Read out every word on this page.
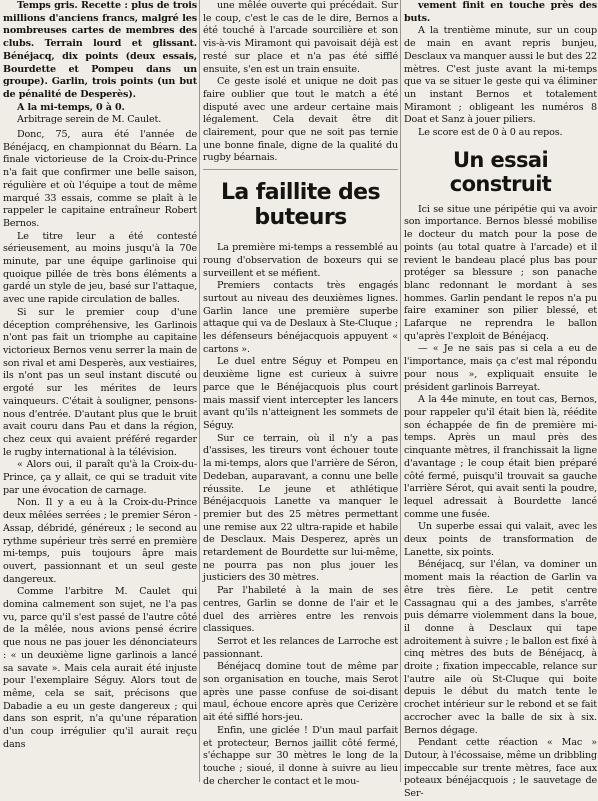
Temps gris. Recette : plus de trois millions d'anciens francs, malgré les nombreuses cartes de membres des clubs. Terrain lourd et glissant. Bénéjacq, dix points (deux essais, Bourdette et Pompeu dans un groupe). Garlin, trois points (un but de pénalité de Desperès).

A la mi-temps, 0 à 0.

Arbitrage serein de M. Caulet.

Donc, 75, aura été l'année de Bénéjacq, en championnat du Béarn. La finale victorieuse de la Croix-du-Prince n'a fait que confirmer une belle saison, régulière et où l'équipe a tout de même marqué 33 essais, comme se plaît à le rappeler le capitaine entraîneur Robert Bernos.

Le titre leur a été contesté sérieusement, au moins jusqu'à la 70e minute, par une équipe garlinoise qui quoique pillée de très bons éléments a gardé un style de jeu, basé sur l'attaque, avec une rapide circulation de balles.

Si sur le premier coup d'une déception compréhensive, les Garlinois n'ont pas fait un triomphe au capitaine victorieux Bernos venu serrer la main de son rival et ami Desperès, aux vestiaires, ils n'ont pas un seul instant discuté ou ergoté sur les mérites de leurs vainqueurs. C'était à souligner, pensons-nous d'entrée. D'autant plus que le bruit avait couru dans Pau et dans la région, chez ceux qui avaient préféré regarder le rugby international à la télévision.

« Alors oui, il paraît qu'à la Croix-du-Prince, ça y allait, ce qui se traduit vite par une évocation de carnage.

Non. Il y a eu à la Croix-du-Prince deux mêlées serrées ; le premier Séron - Assap, débridé, généreux ; le second au rythme supérieur très serré en première mi-temps, puis toujours âpre mais ouvert, passionnant et un seul geste dangereux.

Comme l'arbitre M. Caulet qui domina calmement son sujet, ne l'a pas vu, parce qu'il s'est passé de l'autre côté de la mêlée, nous avions pensé écrire que nous ne pas jouer les dénonciateurs : « un deuxième ligne garlinois a lancé sa savate ». Mais cela aurait été injuste pour l'exemplaire Séguy. Alors tout de même, cela se sait, précisons que Dabadie a eu un geste dangereux ; qui dans son esprit, n'a qu'une réparation d'un coup irrégulier qu'il aurait reçu dans

une mêlée ouverte qui précédait. Sur le coup, c'est le cas de le dire, Bernos a été touché à l'arcade sourcilière et son vis-à-vis Miramont qui pavoisait déjà est resté sur place et n'a pas été sifflé ensuite, s'en est un train ensuite.

Ce geste isolé et unique ne doit pas faire oublier que tout le match a été disputé avec une ardeur certaine mais légalement. Cela devait être dit clairement, pour que ne soit pas ternie une bonne finale, digne de la qualité du rugby béarnais.

La faillite des buteurs

La première mi-temps a ressemblé au roung d'observation de boxeurs qui se surveillent et se méfient.

Premiers contacts très engagés surtout au niveau des deuxièmes lignes. Garlin lance une première superbe attaque qui va de Deslaux à Ste-Cluque ; les défenseurs bénéjacquois appuyent « cartons ».

Le duel entre Séguy et Pompeu en deuxième ligne est curieux à suivre parce que le Bénéjacquois plus court mais massif vient intercepter les lancers avant qu'ils n'atteignent les sommets de Séguy.

Sur ce terrain, où il n'y a pas d'assises, les tireurs vont échouer toute la mi-temps, alors que l'arrière de Séron, Dedeban, auparavant, a connu une belle réussite. Le jeune et athlétique Bénéjacquois Lanette va manquer le premier but des 25 mètres permettant une remise aux 22 ultra-rapide et habile de Desclaux. Mais Desperez, après un retardement de Bourdette sur lui-même, ne pourra pas non plus jouer les justiciers des 30 mètres.

Par l'habileté à la main de ses centres, Garlin se donne de l'air et le duel des arrières entre les renvois classiques.

Serrot et les relances de Larroche est passionnant.

Bénéjacq domine tout de même par son organisation en touche, mais Serot après une passe confuse de soi-disant maul, échoue encore après que Cerizère ait été sifflé hors-jeu.

Enfin, une giclée ! D'un maul parfait et protecteur, Bernos jaillit côté fermé, s'échappe sur 30 mètres le long de la touche ; sioué, il donne à suivre au lieu de chercher le contact et le mou-

vement finit en touche près des buts.

A la trentième minute, sur un coup de main en avant repris bunjeu, Desclaux va manquer aussi le but des 22 mètres. C'est juste avant la mi-temps que va se situer le geste qui va éliminer un instant Bernos et totalement Miramont ; obligeant les numéros 8 Doat et Sanz à jouer piliers.

Le score est de 0 à 0 au repos.

Un essai construit

Ici se situe une péripétie qui va avoir son importance. Bernos blessé mobilise le docteur du match pour la pose de points (au total quatre à l'arcade) et il revient le bandeau placé plus bas pour protéger sa blessure ; son panache blanc redonnant le mordant à ses hommes. Garlin pendant le repos n'a pu faire examiner son pilier blessé, et Lafarque ne reprendra le ballon qu'après l'exploit de Bénéjacq.

— « Je ne sais pas si cela a eu de l'importance, mais ça c'est mal répondu pour nous », expliquait ensuite le président garlinois Barreyat.

A la 44e minute, en tout cas, Bernos, pour rappeler qu'il était bien là, réédite son échappée de fin de première mi-temps. Après un maul près des cinquante mètres, il franchissait la ligne d'avantage ; le coup était bien préparé côté fermé, puisqu'il trouvait sa gauche l'arrière Sérot, qui avait senti la poudre, lequel adressait à Bourdette lancé comme une fusée.

Un superbe essai qui valait, avec les deux points de transformation de Lanette, six points.

Bénéjacq, sur l'élan, va dominer un moment mais la réaction de Garlin va être très fière. Le petit centre Cassagnau qui a des jambes, s'arrête puis démarre violemment dans la boue, il donne à Desclaux qui tape adroitement à suivre ; le ballon est fixé à cinq mètres des buts de Bénéjacq, à droite ; fixation impeccable, relance sur l'autre aile où St-Cluque qui boite depuis le début du match tente le crochet intérieur sur le rebond et se fait accrocher avec la balle de six à six. Bernos dégage.

Pendant cette réaction « Mac » Dutour, à l'écossaise, même un dribbling impeccable sur trente mètres, face aux poteaux bénéjacquois ; le sauvetage de Ser-
